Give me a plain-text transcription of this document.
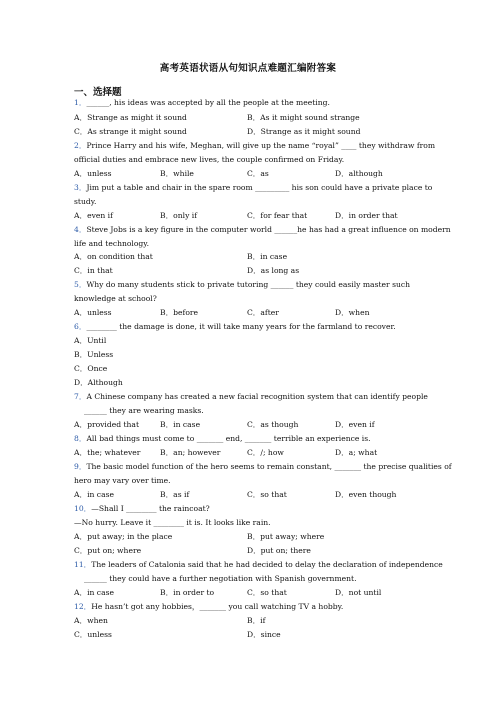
高考英语状语从句知识点难题汇编附答案
一、选择题
1．______, his ideas was accepted by all the people at the meeting.
A．Strange as might it sound	B．As it might sound strange
C．As strange it might sound	D．Strange as it might sound
2．Prince Harry and his wife, Meghan, will give up the name “royal” ____ they withdraw from
official duties and embrace new lives, the couple confirmed on Friday.
A．unless	B．while	C．as	D．although
3．Jim put a table and chair in the spare room _________ his son could have a private place to
study.
A．even if	B．only if	C．for fear that	D．in order that
4．Steve Jobs is a key figure in the computer world ______he has had a great influence on modern
life and technology.
A．on condition that	B．in case
C．in that	D．as long as
5．Why do many students stick to private tutoring ______ they could easily master such
knowledge at school?
A．unless	B．before	C．after	D．when
6．________ the damage is done, it will take many years for the farmland to recover.
A．Until
B．Unless
C．Once
D．Although
7．A Chinese company has created a new facial recognition system that can identify people
______ they are wearing masks.
A．provided that	B．in case	C．as though	D．even if
8．All bad things must come to _______ end, _______ terrible an experience is.
A．the; whatever	B．an; however	C．/; how	D．a; what
9．The basic model function of the hero seems to remain constant, _______ the precise qualities of
hero may vary over time.
A．in case	B．as if	C．so that	D．even though
10．—Shall I ________ the raincoat?
—No hurry. Leave it ________ it is. It looks like rain.
A．put away; in the place	B．put away; where
C．put on; where	D．put on; there
11．The leaders of Catalonia said that he had decided to delay the declaration of independence
______ they could have a further negotiation with Spanish government.
A．in case	B．in order to	C．so that	D．not until
12．He hasn’t got any hobbies，_______ you call watching TV a hobby.
A．when	B．if
C．unless	D．since
